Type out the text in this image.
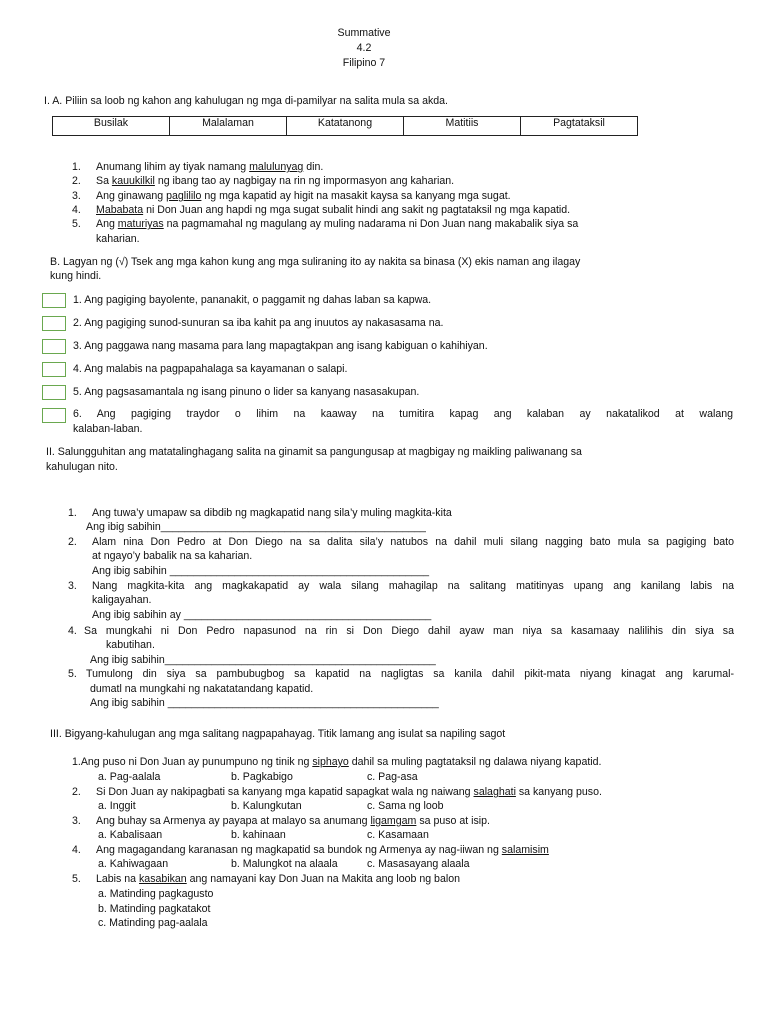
Summative
4.2
Filipino 7
I. A. Piliin sa loob ng kahon ang kahulugan ng mga di-pamilyar na salita mula sa akda.
Busilak	Malalaman	Katatanong	Matitiis	Pagtataksil
1. Anumang lihim ay tiyak namang malulunyag din.
2. Sa kauukilkil ng ibang tao ay nagbigay na rin ng impormasyon ang kaharian.
3. Ang ginawang paglililo ng mga kapatid ay higit na masakit kaysa sa kanyang mga sugat.
4. Mababata ni Don Juan ang hapdi ng mga sugat subalit hindi ang sakit ng pagtataksil ng mga kapatid.
5. Ang maturiyas na pagmamahal ng magulang ay muling nadarama ni Don Juan nang makabalik siya sa
kaharian.
B. Lagyan ng (√) Tsek ang mga kahon kung ang mga suliraning ito ay nakita sa binasa (X) ekis naman ang ilagay
kung hindi.
1. Ang pagiging bayolente, pananakit, o paggamit ng dahas laban sa kapwa.
2. Ang pagiging sunod-sunuran sa iba kahit pa ang inuutos ay nakasasama na.
3. Ang paggawa nang masama para lang mapagtakpan ang isang kabiguan o kahihiyan.
4. Ang malabis na pagpapahalaga sa kayamanan o salapi.
5. Ang pagsasamantala ng isang pinuno o lider sa kanyang nasasakupan.
6. Ang pagiging traydor o lihim na kaaway na tumitira kapag ang kalaban ay nakatalikod at walang
kalaban-laban.
II. Salungguhitan ang matatalinghagang salita na ginamit sa pangungusap at magbigay ng maikling paliwanang sa
kahulugan nito.
1. Ang tuwa’y umapaw sa dibdib ng magkapatid nang sila’y muling magkita-kita
Ang ibig sabihin_____________________________________________
Alam nina Don Pedro at Don Diego na sa dalita sila’y natubos na dahil muli silang nagging bato mula sa pagiging bato
2.
at ngayo’y babalik na sa kaharian.
Ang ibig sabihin ____________________________________________
Nang magkita-kita ang magkakapatid ay wala silang mahagilap na salitang matitinyas upang ang kanilang labis na
3.
kaligayahan.
Ang ibig sabihin ay __________________________________________
Sa mungkahi ni Don Pedro napasunod na rin si Don Diego dahil ayaw man niya sa kasamaay nalilihis din siya sa
4.
kabutihan.
Ang ibig sabihin______________________________________________
Tumulong din siya sa pambubugbog sa kapatid na nagligtas sa kanila dahil pikit-mata niyang kinagat ang karumal-
5.
dumatl na mungkahi ng nakatatandang kapatid.
Ang ibig sabihin ______________________________________________
III. Bigyang-kahulugan ang mga salitang nagpapahayag. Titik lamang ang isulat sa napiling sagot
1.Ang puso ni Don Juan ay punumpuno ng tinik ng siphayo dahil sa muling pagtataksil ng dalawa niyang kapatid.
a. Pag-aalala	b. Pagkabigo	c. Pag-asa
2. Si Don Juan ay nakipagbati sa kanyang mga kapatid sapagkat wala ng naiwang salaghati sa kanyang puso.
a. Inggit	b. Kalungkutan	c. Sama ng loob
3. Ang buhay sa Armenya ay payapa at malayo sa anumang ligamgam sa puso at isip.
a. Kabalisaan	b. kahinaan	c. Kasamaan
4. Ang magagandang karanasan ng magkapatid sa bundok ng Armenya ay nag-iiwan ng salamisim
a. Kahiwagaan	b. Malungkot na alaala	c. Masasayang alaala
5. Labis na kasabikan ang namayani kay Don Juan na Makita ang loob ng balon
a. Matinding pagkagusto
b. Matinding pagkatakot
c. Matinding pag-aalala
